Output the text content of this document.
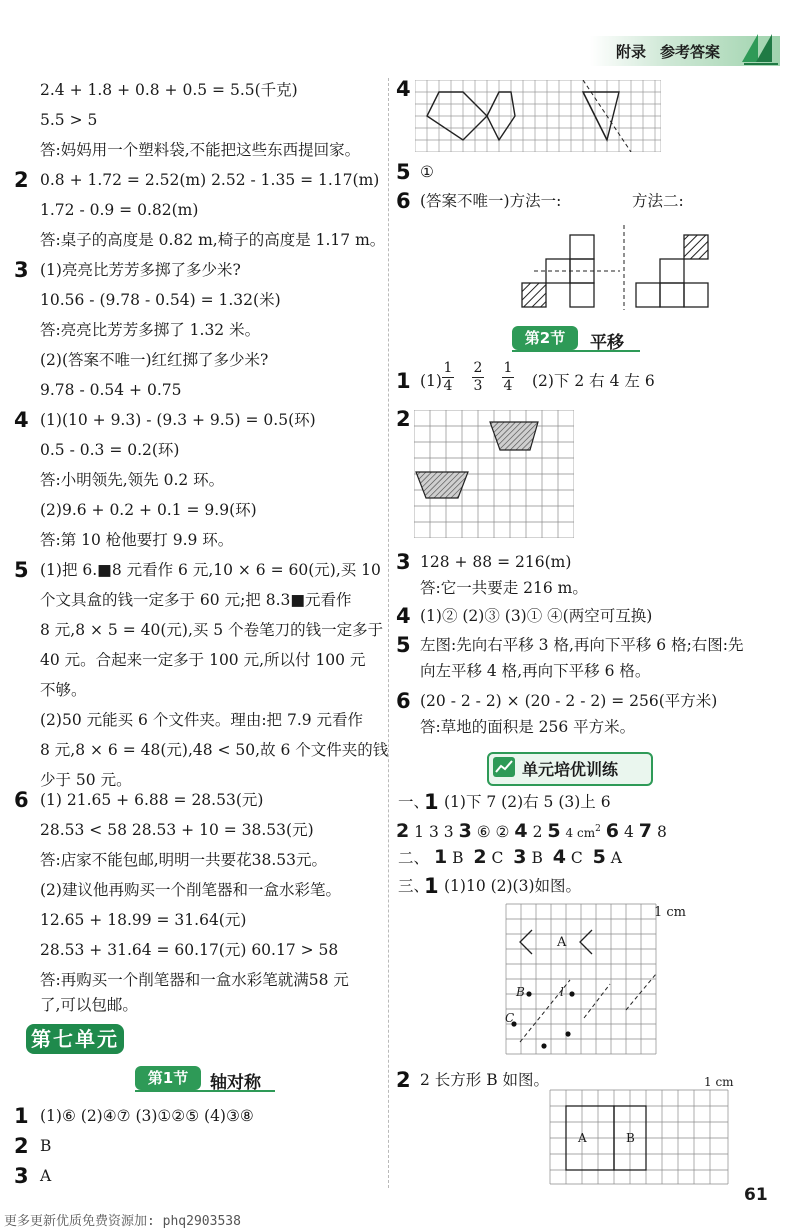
附录 参考答案
2.4 + 1.8 + 0.8 + 0.5 = 5.5(千克)
5.5 > 5
答:妈妈用一个塑料袋,不能把这些东西提回家。
2 0.8 + 1.72 = 2.52(m) 2.52 - 1.35 = 1.17(m)
1.72 - 0.9 = 0.82(m)
答:桌子的高度是 0.82 m,椅子的高度是 1.17 m。
3 (1)亮亮比芳芳多掷了多少米?
10.56 - (9.78 - 0.54) = 1.32(米)
答:亮亮比芳芳多掷了 1.32 米。
(2)(答案不唯一)红红掷了多少米?
9.78 - 0.54 + 0.75
4 (1)(10 + 9.3) - (9.3 + 9.5) = 0.5(环)
0.5 - 0.3 = 0.2(环)
答:小明领先,领先 0.2 环。
(2)9.6 + 0.2 + 0.1 = 9.9(环)
答:第 10 枪他要打 9.9 环。
5 (1)把 6.■8 元看作 6 元,10 × 6 = 60(元),买 10
个文具盒的钱一定多于 60 元;把 8.3■元看作
8 元,8 × 5 = 40(元),买 5 个卷笔刀的钱一定多于
40 元。合起来一定多于 100 元,所以付 100 元
不够。
(2)50 元能买 6 个文件夹。理由:把 7.9 元看作
8 元,8 × 6 = 48(元),48 < 50,故 6 个文件夹的钱
少于 50 元。
6 (1) 21.65 + 6.88 = 28.53(元)
28.53 < 58 28.53 + 10 = 38.53(元)
答:店家不能包邮,明明一共要花38.53元。
(2)建议他再购买一个削笔器和一盒水彩笔。
12.65 + 18.99 = 31.64(元)
28.53 + 31.64 = 60.17(元) 60.17 > 58
答:再购买一个削笔器和一盒水彩笔就满58 元
了,可以包邮。
第七单元
第1节	轴对称
1 (1)⑥ (2)④⑦ (3)①②⑤ (4)③⑧
2 B
3 A
4
5 ①
6 (答案不唯一)方法一:	方法二:
第2节	平移
1 $(1) \frac{1}{4} \frac{2}{3} \frac{1}{4} (2)$下 2 右 4 左 6
2
3 128 + 88 = 216(m)
答:它一共要走 216 m。
4 (1)② (2)③ (3)① ④(两空可互换)
5 左图:先向右平移 3 格,再向下平移 6 格;右图:先
向左平移 4 格,再向下平移 6 格。
6 (20 - 2 - 2) × (20 - 2 - 2) = 256(平方米)
答:草地的面积是 256 平方米。
单元培优训练
一、
1 (1)下 7 (2)右 5 (3)上 6
2 1 3 3 3 ⑥ ② 4 2 5 4 $cm^2$ 6 4 7 8
二、 1 B 2 C 3 B 4 C 5 A
三、
1 (1)10 (2)(3)如图。
1 cm
A
B
C
l
2 2 长方形 B 如图。	1 cm
A	B
61
更多更新优质免费资源加: phq2903538
